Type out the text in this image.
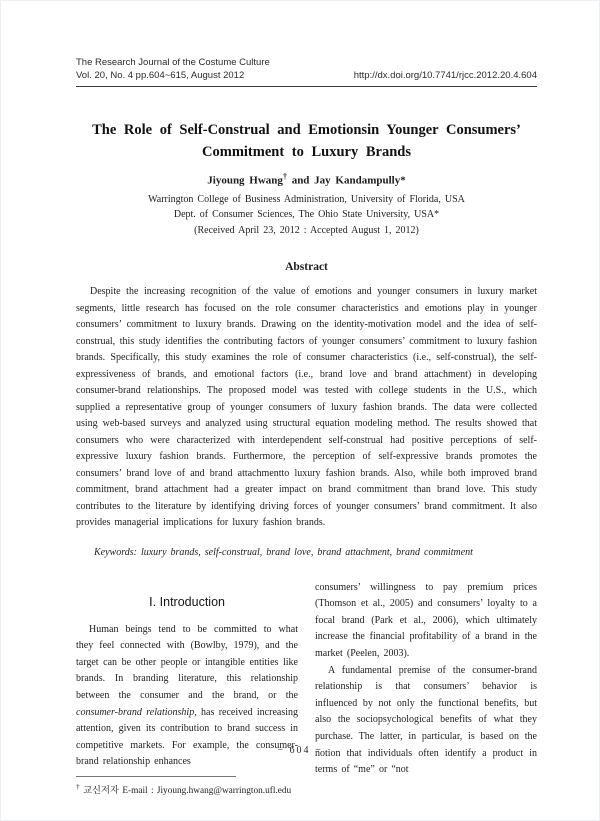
The Research Journal of the Costume Culture
Vol. 20, No. 4 pp.604~615, August 2012	http://dx.doi.org/10.7741/rjcc.2012.20.4.604
The Role of Self-Construal and Emotionsin Younger Consumers’
Commitment to Luxury Brands
Jiyoung Hwang† and Jay Kandampully*
Warrington College of Business Administration, University of Florida, USA
Dept. of Consumer Sciences, The Ohio State University, USA*
(Received April 23, 2012 : Accepted August 1, 2012)
Abstract
Despite the increasing recognition of the value of emotions and younger consumers in luxury market segments, little research has focused on the role consumer characteristics and emotions play in younger consumers’ commitment to luxury brands. Drawing on the identity-motivation model and the idea of self-construal, this study identifies the contributing factors of younger consumers’ commitment to luxury fashion brands. Specifically, this study examines the role of consumer characteristics (i.e., self-construal), the self-expressiveness of brands, and emotional factors (i.e., brand love and brand attachment) in developing consumer-brand relationships. The proposed model was tested with college students in the U.S., which supplied a representative group of younger consumers of luxury fashion brands. The data were collected using web-based surveys and analyzed using structural equation modeling method. The results showed that consumers who were characterized with interdependent self-construal had positive perceptions of self-expressive luxury fashion brands. Furthermore, the perception of self-expressive brands promotes the consumers’ brand love of and brand attachmentto luxury fashion brands. Also, while both improved brand commitment, brand attachment had a greater impact on brand commitment than brand love. This study contributes to the literature by identifying driving forces of younger consumers’ brand commitment. It also provides managerial implications for luxury fashion brands.
Keywords: luxury brands, self-construal, brand love, brand attachment, brand commitment
Ⅰ. Introduction

Human beings tend to be committed to what they feel connected with (Bowlby, 1979), and the target can be other people or intangible entities like brands. In branding literature, this relationship between the consumer and the brand, or the consumer-brand relationship, has received increasing attention, given its contribution to brand success in competitive markets. For example, the consumer-brand relationship enhances

† 교신저자 E-mail : Jiyoung.hwang@warrington.ufl.edu

consumers’ willingness to pay premium prices (Thomson et al., 2005) and consumers’ loyalty to a focal brand (Park et al., 2006), which ultimately increase the financial profitability of a brand in the market (Peelen, 2003).

A fundamental premise of the consumer-brand relationship is that consumers’ behavior is influenced by not only the functional benefits, but also the sociopsychological benefits of what they purchase. The latter, in particular, is based on the notion that individuals often identify a product in terms of “me” or “not

− 604 −
